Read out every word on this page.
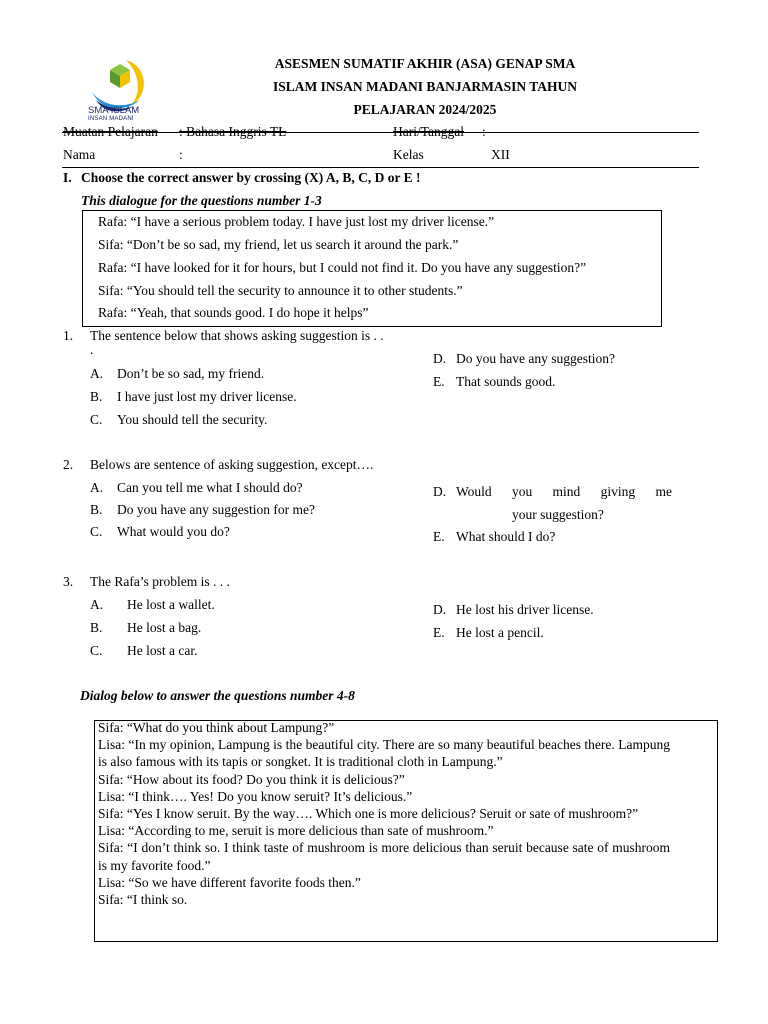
SMA ISLAM
INSAN MADANI
ASESMEN SUMATIF AKHIR (ASA) GENAP SMA
ISLAM INSAN MADANI BANJARMASIN TAHUN
PELAJARAN 2024/2025
Muatan Pelajaran : Bahasa Inggris TL	Hari/Tanggal :
Nama	:	Kelas	XII
I. Choose the correct answer by crossing (X) A, B, C, D or E !
This dialogue for the questions number 1-3
Rafa: “I have a serious problem today. I have just lost my driver license.”
Sifa: “Don’t be so sad, my friend, let us search it around the park.”
Rafa: “I have looked for it for hours, but I could not find it. Do you have any suggestion?”
Sifa: “You should tell the security to announce it to other students.”
Rafa: “Yeah, that sounds good. I do hope it helps”
1. The sentence below that shows asking suggestion is . .
.
A. Don’t be so sad, my friend.
B. I have just lost my driver license.
C. You should tell the security.
D. Do you have any suggestion?
E. That sounds good.
2. Belows are sentence of asking suggestion, except….
A. Can you tell me what I should do?
B. Do you have any suggestion for me?
C. What would you do?
D. Would you mind giving me
your suggestion?
E. What should I do?
3. The Rafa’s problem is . . .
A. He lost a wallet.
B. He lost a bag.
C. He lost a car.
D. He lost his driver license.
E. He lost a pencil.
Dialog below to answer the questions number 4-8

Sifa: “What do you think about Lampung?”

Lisa: “In my opinion, Lampung is the beautiful city. There are so many beautiful beaches there. Lampung is also famous with its tapis or songket. It is traditional cloth in Lampung.”

Sifa: “How about its food? Do you think it is delicious?”

Lisa: “I think…. Yes! Do you know seruit? It’s delicious.”

Sifa: “Yes I know seruit. By the way…. Which one is more delicious? Seruit or sate of mushroom?”

Lisa: “According to me, seruit is more delicious than sate of mushroom.”

Sifa: “I don’t think so. I think taste of mushroom is more delicious than seruit because sate of mushroom is my favorite food.”

Lisa: “So we have different favorite foods then.”

Sifa: “I think so.
